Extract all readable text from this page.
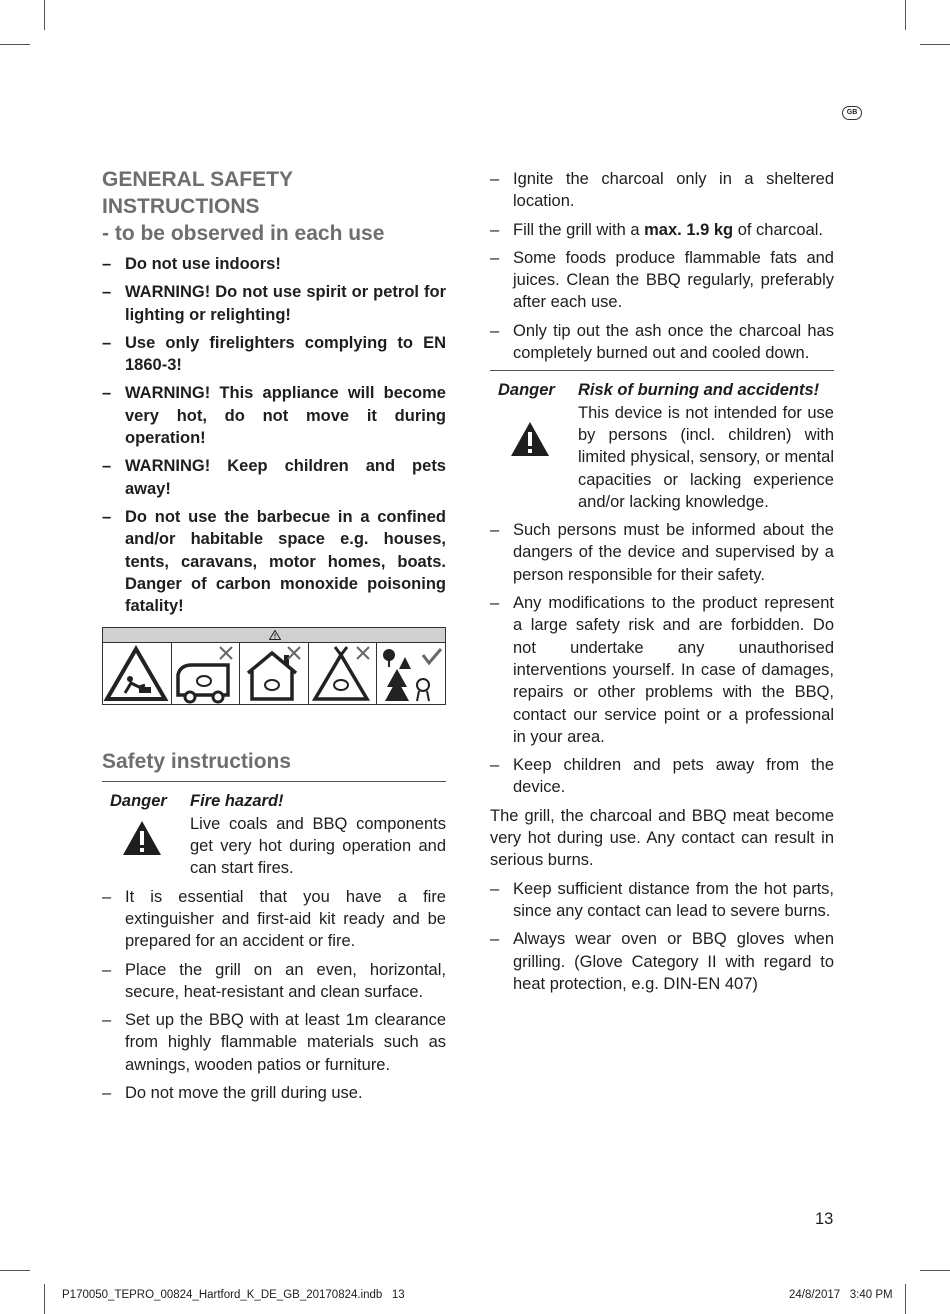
GB
GENERAL SAFETY INSTRUCTIONS
- to be observed in each use
– Do not use indoors!
– WARNING! Do not use spirit or petrol for lighting or relighting!
– Use only firelighters complying to EN 1860-3!
– WARNING! This appliance will become very hot, do not move it during operation!
– WARNING! Keep children and pets away!
– Do not use the barbecue in a confined and/or habitable space e.g. houses, tents, caravans, motor homes, boats. Danger of carbon monoxide poisoning fatality!
Safety instructions
Danger Fire hazard!
Live coals and BBQ components get very hot during operation and can start fires.
– It is essential that you have a fire extinguisher and first-aid kit ready and be prepared for an accident or fire.
– Place the grill on an even, horizontal, secure, heat-resistant and clean surface.
– Set up the BBQ with at least 1m clearance from highly flammable materials such as awnings, wooden patios or furniture.
– Do not move the grill during use.
– Ignite the charcoal only in a sheltered location.
– Fill the grill with a max. 1.9 kg of charcoal.
– Some foods produce flammable fats and juices. Clean the BBQ regularly, preferably after each use.
– Only tip out the ash once the charcoal has completely burned out and cooled down.
Danger Risk of burning and accidents!
This device is not intended for use by persons (incl. children) with limited physical, sensory, or mental capacities or lacking experience and/or lacking knowledge.
– Such persons must be informed about the dangers of the device and supervised by a person responsible for their safety.
– Any modifications to the product represent a large safety risk and are forbidden. Do not undertake any unauthorised interventions yourself. In case of damages, repairs or other problems with the BBQ, contact our service point or a professional in your area.
– Keep children and pets away from the device.

The grill, the charcoal and BBQ meat become very hot during use. Any contact can result in serious burns.

– Keep sufficient distance from the hot parts, since any contact can lead to severe burns.
– Always wear oven or BBQ gloves when grilling. (Glove Category II with regard to heat protection, e.g. DIN-EN 407)
13
P170050_TEPRO_00824_Hartford_K_DE_GB_20170824.indb   13	24/8/2017   3:40 PM
